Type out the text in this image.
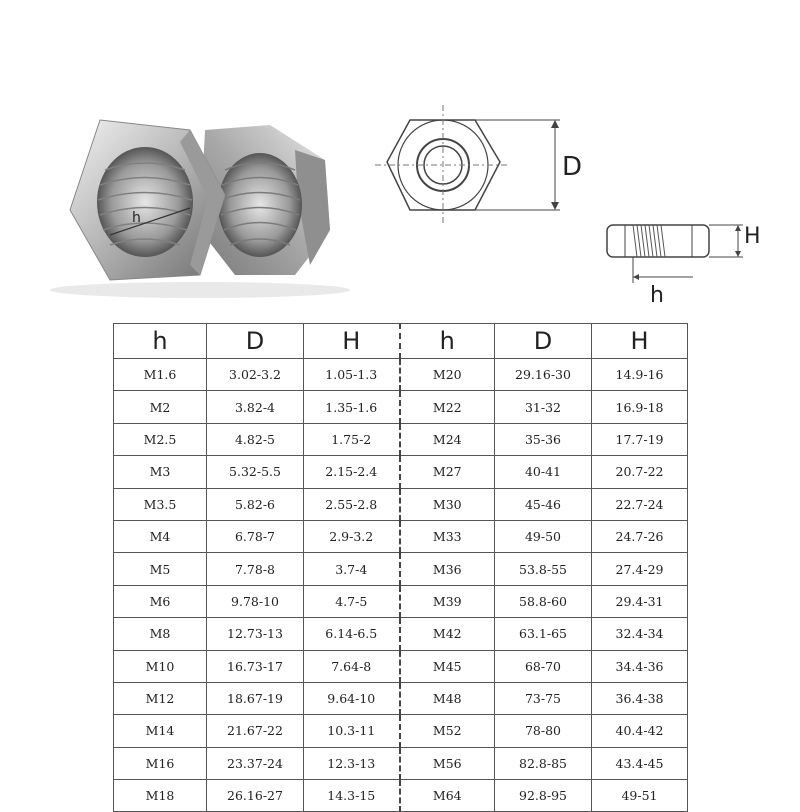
h
D
H
h
h	D	H	h	D	H
M1.6	3.02-3.2	1.05-1.3	M20	29.16-30	14.9-16
M2	3.82-4	1.35-1.6	M22	31-32	16.9-18
M2.5	4.82-5	1.75-2	M24	35-36	17.7-19
M3	5.32-5.5	2.15-2.4	M27	40-41	20.7-22
M3.5	5.82-6	2.55-2.8	M30	45-46	22.7-24
M4	6.78-7	2.9-3.2	M33	49-50	24.7-26
M5	7.78-8	3.7-4	M36	53.8-55	27.4-29
M6	9.78-10	4.7-5	M39	58.8-60	29.4-31
M8	12.73-13	6.14-6.5	M42	63.1-65	32.4-34
M10	16.73-17	7.64-8	M45	68-70	34.4-36
M12	18.67-19	9.64-10	M48	73-75	36.4-38
M14	21.67-22	10.3-11	M52	78-80	40.4-42
M16	23.37-24	12.3-13	M56	82.8-85	43.4-45
M18	26.16-27	14.3-15	M64	92.8-95	49-51
